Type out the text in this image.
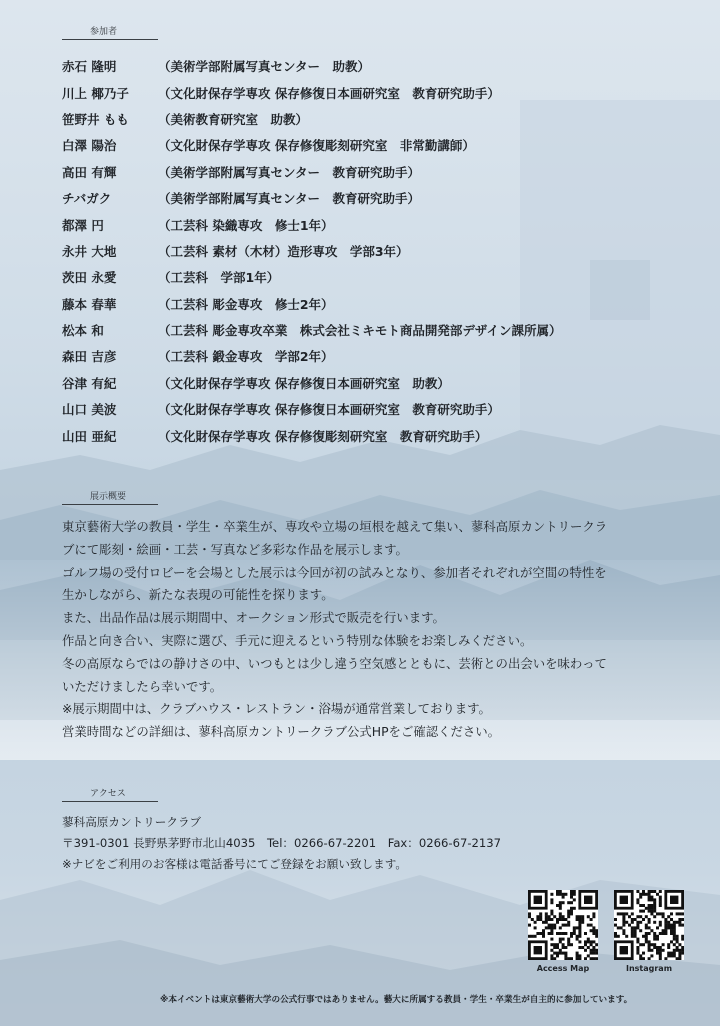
参加者
赤石 隆明	（美術学部附属写真センター　助教）
川上 椰乃子	（文化財保存学専攻 保存修復日本画研究室　教育研究助手）
笹野井 もも	（美術教育研究室　助教）
白澤 陽治	（文化財保存学専攻 保存修復彫刻研究室　非常勤講師）
高田 有輝	（美術学部附属写真センター　教育研究助手）
チバガク	（美術学部附属写真センター　教育研究助手）
都澤 円	（工芸科 染織専攻　修士1年）
永井 大地	（工芸科 素材（木材）造形専攻　学部3年）
茨田 永愛	（工芸科　学部1年）
藤本 春華	（工芸科 彫金専攻　修士2年）
松本 和	（工芸科 彫金専攻卒業　株式会社ミキモト商品開発部デザイン課所属）
森田 吉彦	（工芸科 鍛金専攻　学部2年）
谷津 有紀	（文化財保存学専攻 保存修復日本画研究室　助教）
山口 美波	（文化財保存学専攻 保存修復日本画研究室　教育研究助手）
山田 亜紀	（文化財保存学専攻 保存修復彫刻研究室　教育研究助手）
展示概要

東京藝術大学の教員・学生・卒業生が、専攻や立場の垣根を越えて集い、蓼科高原カントリークラ

ブにて彫刻・絵画・工芸・写真など多彩な作品を展示します。

ゴルフ場の受付ロビーを会場とした展示は今回が初の試みとなり、参加者それぞれが空間の特性を

生かしながら、新たな表現の可能性を探ります。

また、出品作品は展示期間中、オークション形式で販売を行います。

作品と向き合い、実際に選び、手元に迎えるという特別な体験をお楽しみください。

冬の高原ならではの静けさの中、いつもとは少し違う空気感とともに、芸術との出会いを味わって

いただけましたら幸いです。

※展示期間中は、クラブハウス・レストラン・浴場が通常営業しております。

営業時間などの詳細は、蓼科高原カントリークラブ公式HPをご確認ください。

アクセス

蓼科高原カントリークラブ

〒391-0301 長野県茅野市北山4035　Tel：0266-67-2201　Fax：0266-67-2137

※ナビをご利用のお客様は電話番号にてご登録をお願い致します。

Access Map	Instagram
※本イベントは東京藝術大学の公式行事ではありません。藝大に所属する教員・学生・卒業生が自主的に参加しています。
